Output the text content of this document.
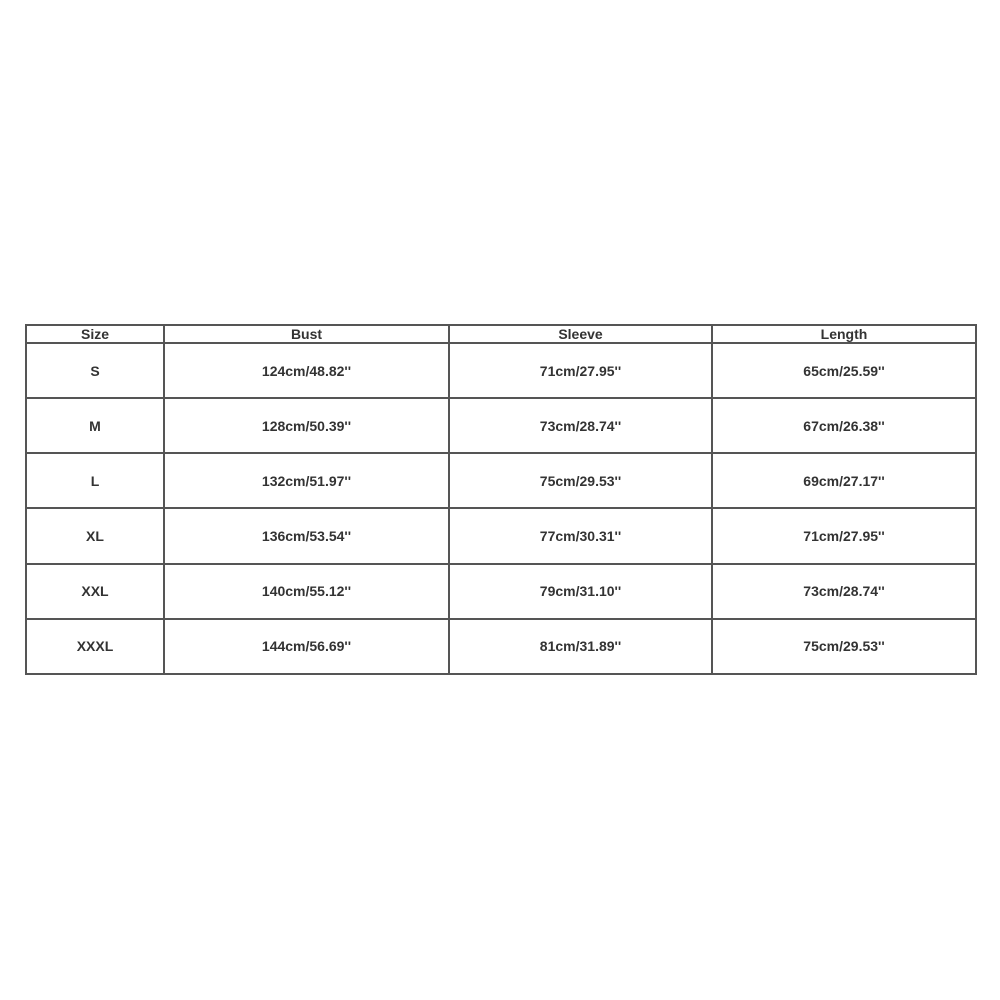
Size	Bust	Sleeve	Length
S	124cm/48.82''	71cm/27.95''	65cm/25.59''
M	128cm/50.39''	73cm/28.74''	67cm/26.38''
L	132cm/51.97''	75cm/29.53''	69cm/27.17''
XL	136cm/53.54''	77cm/30.31''	71cm/27.95''
XXL	140cm/55.12''	79cm/31.10''	73cm/28.74''
XXXL	144cm/56.69''	81cm/31.89''	75cm/29.53''
